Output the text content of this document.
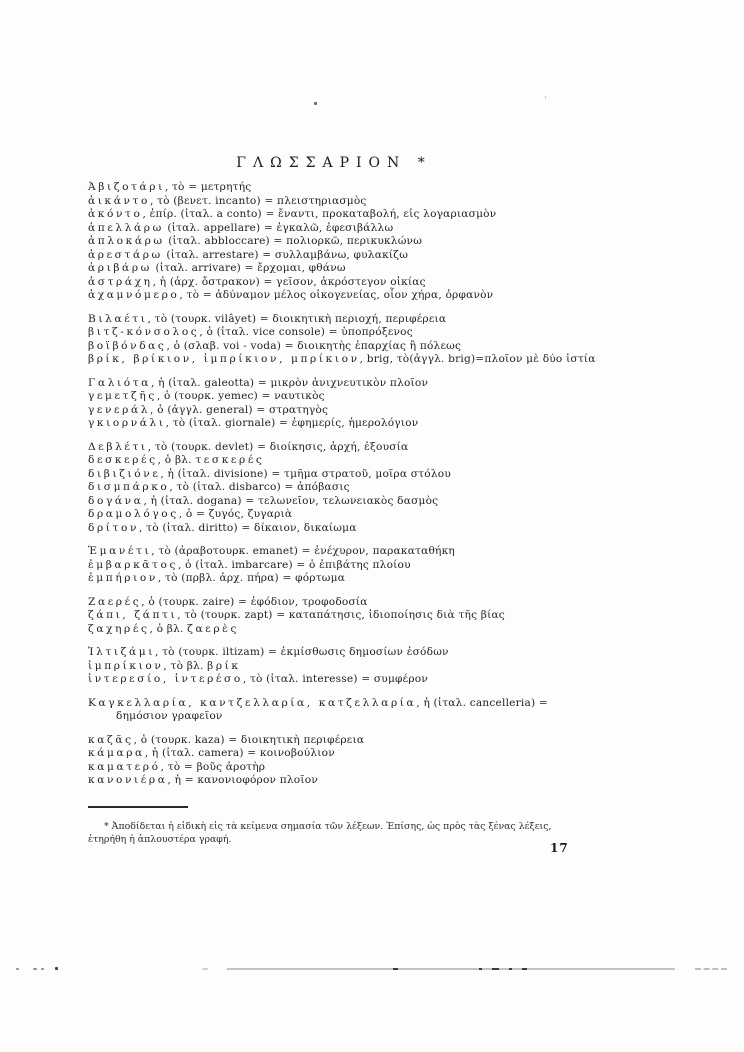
ΓΛΩΣΣΑΡΙΟΝ *
Ἀβιζοτάρι, τὸ = μετρητής
ἀικάντο, τὸ (βενετ. incanto) = πλειστηριασμὸς
ἀκόντο, ἐπίρ. (ἰταλ. a conto) = ἔναντι, προκαταβολή, εἰς λογαριασμὸν
ἀπελλάρω (ἰταλ. appellare) = ἐγκαλῶ, ἐφεσιβάλλω
ἀπλοκάρω (ἰταλ. abbloccare) = πολιορκῶ, περικυκλώνω
ἀρεστάρω (ἰταλ. arrestare) = συλλαμβάνω, φυλακίζω
ἀριβάρω (ἰταλ. arrivare) = ἔρχομαι, φθάνω
ἀστράχη, ἡ (ἀρχ. ὄστρακον) = γεῖσον, ἀκρόστεγον οἰκίας
ἀχαμνόμερο, τὸ = ἀδύναμον μέλος οἰκογενείας, οἷον χήρα, ὀρφανὸν
Βιλαέτι, τὸ (τουρκ. vilâyet) = διοικητικὴ περιοχή, περιφέρεια
βιτζ-κόνσολος, ὁ (ἰταλ. vice console) = ὑποπρόξενος
βοϊβόνδας, ὁ (σλαβ. voi - voda) = διοικητὴς ἐπαρχίας ἢ πόλεως
βρίκ, βρίκιον, ἰμπρίκιον, μπρίκιον, brig, τὸ(ἀγγλ. brig)=πλοῖον μὲ δύο ἱστία
Γαλιότα, ἡ (ἰταλ. galeotta) = μικρὸν ἀνιχνευτικὸν πλοῖον
γεμετζῆς, ὁ (τουρκ. yemec) = ναυτικὸς
γενεράλ, ὁ (ἀγγλ. general) = στρατηγὸς
γκιορνάλι, τὸ (ἰταλ. giornale) = ἐφημερίς, ἡμερολόγιον
Δεβλέτι, τὸ (τουρκ. devlet) = διοίκησις, ἀρχή, ἐξουσία
δεσκερές, ὁ βλ. τεσκερές
διβιζιόνε, ἡ (ἰταλ. divisione) = τμῆμα στρατοῦ, μοῖρα στόλου
δισμπάρκο, τὸ (ἰταλ. disbarco) = ἀπόβασις
δογάνα, ἡ (ἰταλ. dogana) = τελωνεῖον, τελωνειακὸς δασμὸς
δραμολόγος, ὁ = ζυγός, ζυγαριὰ
δρίτον, τὸ (ἰταλ. diritto) = δίκαιον, δικαίωμα
Ἐμανέτι, τὸ (ἀραβοτουρκ. emanet) = ἐνέχυρον, παρακαταθήκη
ἐμβαρκᾶτος, ὁ (ἰταλ. imbarcare) = ὁ ἐπιβάτης πλοίου
ἐμπήριον, τὸ (πρβλ. ἀρχ. πήρα) = φόρτωμα
Ζαερές, ὁ (τουρκ. zaire) = ἐφόδιον, τροφοδοσία
ζάπι, ζάπτι, τὸ (τουρκ. zapt) = καταπάτησις, ἰδιοποίησις διὰ τῆς βίας
ζαχηρές, ὁ βλ. ζαερὲς
Ἰλτιζάμι, τὸ (τουρκ. iltizam) = ἐκμίσθωσις δημοσίων ἐσόδων
ἰμπρίκιον, τὸ βλ. βρίκ
ἰντερεσίο, ἰντερέσο, τὸ (ἰταλ. interesse) = συμφέρον
Καγκελλαρία, καντζελλαρία, κατζελλαρία, ἡ (ἰταλ. cancelleria) =
δημόσιον γραφεῖον
καζᾶς, ὁ (τουρκ. kaza) = διοικητικὴ περιφέρεια
κάμαρα, ἡ (ἰταλ. camera) = κοινοβούλιον
καματερό, τὸ = βοῦς ἀροτὴρ
κανονιέρα, ἡ = κανονιοφόρον πλοῖον

* Ἀποδίδεται ἡ εἰδικὴ εἰς τὰ κείμενα σημασία τῶν λέξεων. Ἐπίσης, ὡς πρὸς τὰς ξένας λέξεις, ἐτηρήθη ἡ ἁπλουστέρα γραφή.

17
